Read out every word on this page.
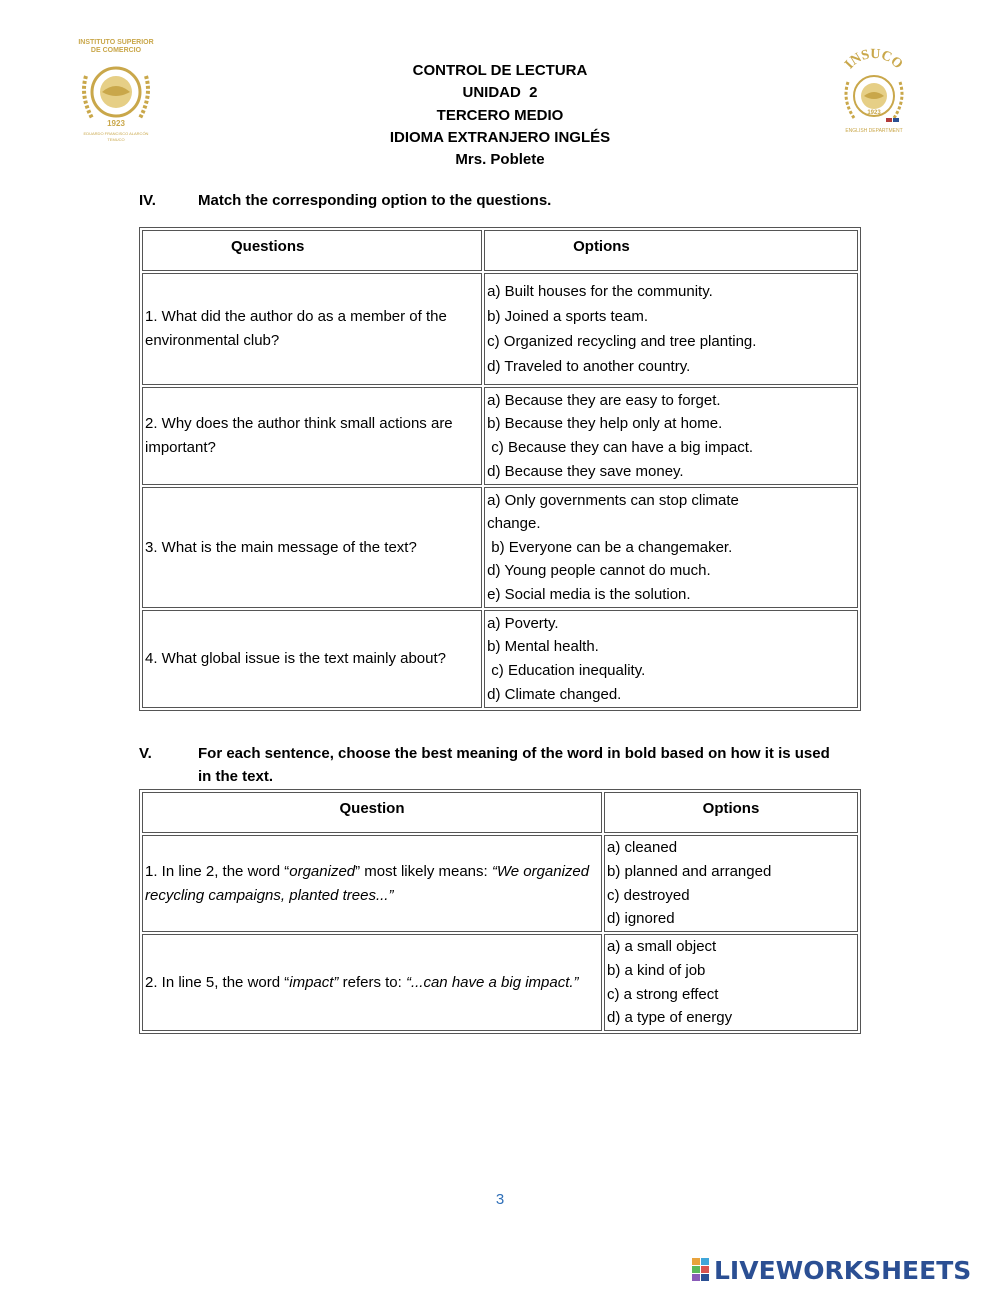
INSTITUTO SUPERIOR
DE COMERCIO
1923
EDUARDO FRANCISCO ALARCÓN
TEMUCO
CONTROL DE LECTURA
UNIDAD  2
TERCERO MEDIO
IDIOMA EXTRANJERO INGLÉS
Mrs. Poblete
INSUCO
1923
ENGLISH DEPARTMENT
IV.	Match the corresponding option to the questions.
Questions	Options
1. What did the author do as a member of the environmental club?	a) Built houses for the community.
b) Joined a sports team.
c) Organized recycling and tree planting.
d) Traveled to another country.

2. Why does the author think small actions are important?	a) Because they are easy to forget.
b) Because they help only at home.
c) Because they can have a big impact.
d) Because they save money.

3. What is the main message of the text?	a) Only governments can stop climate change.
b) Everyone can be a changemaker.
d) Young people cannot do much.
e) Social media is the solution.

4. What global issue is the text mainly about?	a) Poverty.
b) Mental health.
c) Education inequality.
d) Climate changed.
V.	For each sentence, choose the best meaning of the word in bold based on how it is used
in the text.
Question	Options
1. In line 2, the word “organized” most likely means: “We organized recycling campaigns, planted trees...”	a) cleaned
b) planned and arranged
c) destroyed
d) ignored

2. In line 5, the word “impact” refers to: “...can have a big impact.”	a) a small object
b) a kind of job
c) a strong effect
d) a type of energy
3
LIVEWORKSHEETS
